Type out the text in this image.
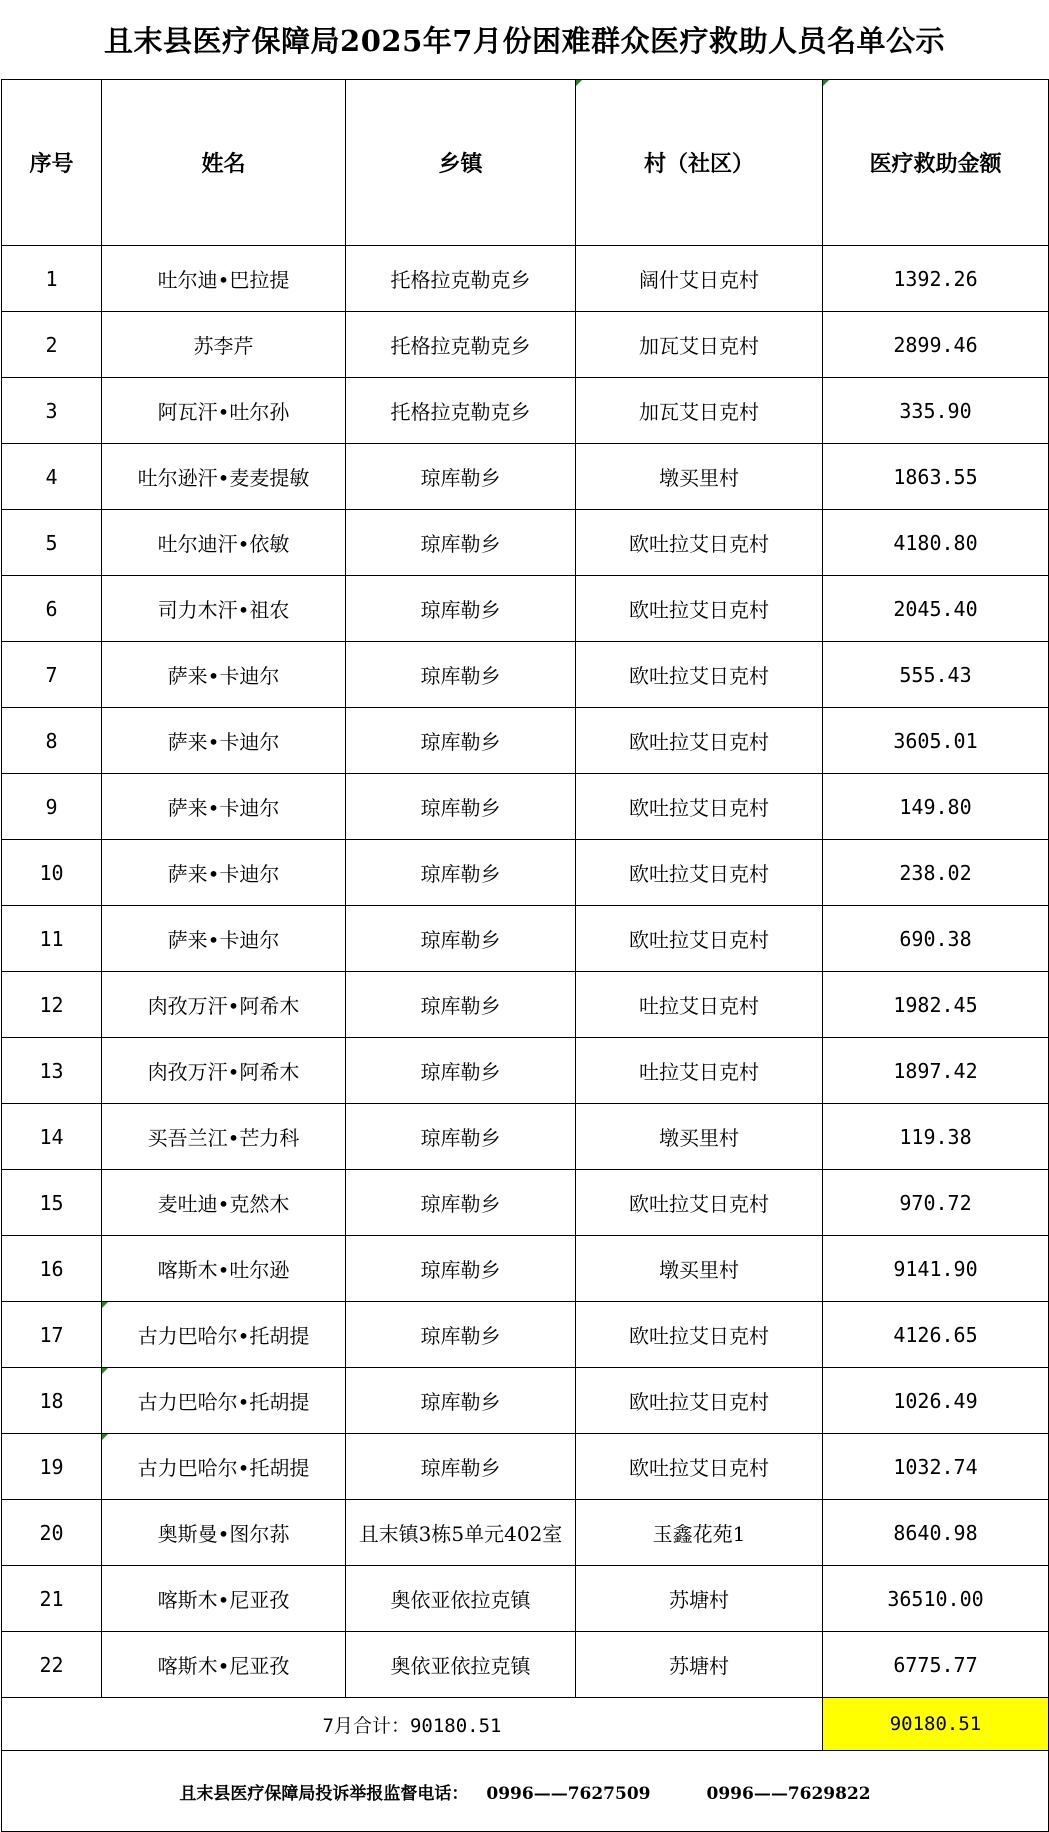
且末县医疗保障局2025年7月份困难群众医疗救助人员名单公示
序号	姓名	乡镇	村（社区）	医疗救助金额
1	吐尔迪•巴拉提	托格拉克勒克乡	阔什艾日克村	1392.26
2	苏李芹	托格拉克勒克乡	加瓦艾日克村	2899.46
3	阿瓦汗•吐尔孙	托格拉克勒克乡	加瓦艾日克村	335.90
4	吐尔逊汗•麦麦提敏	琼库勒乡	墩买里村	1863.55
5	吐尔迪汗•依敏	琼库勒乡	欧吐拉艾日克村	4180.80
6	司力木汗•祖农	琼库勒乡	欧吐拉艾日克村	2045.40
7	萨来•卡迪尔	琼库勒乡	欧吐拉艾日克村	555.43
8	萨来•卡迪尔	琼库勒乡	欧吐拉艾日克村	3605.01
9	萨来•卡迪尔	琼库勒乡	欧吐拉艾日克村	149.80
10	萨来•卡迪尔	琼库勒乡	欧吐拉艾日克村	238.02
11	萨来•卡迪尔	琼库勒乡	欧吐拉艾日克村	690.38
12	肉孜万汗•阿希木	琼库勒乡	吐拉艾日克村	1982.45
13	肉孜万汗•阿希木	琼库勒乡	吐拉艾日克村	1897.42
14	买吾兰江•芒力科	琼库勒乡	墩买里村	119.38
15	麦吐迪•克然木	琼库勒乡	欧吐拉艾日克村	970.72
16	喀斯木•吐尔逊	琼库勒乡	墩买里村	9141.90
17	古力巴哈尔•托胡提	琼库勒乡	欧吐拉艾日克村	4126.65
18	古力巴哈尔•托胡提	琼库勒乡	欧吐拉艾日克村	1026.49
19	古力巴哈尔•托胡提	琼库勒乡	欧吐拉艾日克村	1032.74
20	奥斯曼•图尔荪	且末镇3栋5单元402室	玉鑫花苑1	8640.98
21	喀斯木•尼亚孜	奥依亚依拉克镇	苏塘村	36510.00
22	喀斯木•尼亚孜	奥依亚依拉克镇	苏塘村	6775.77
7月合计：90180.51				90180.51
且末县医疗保障局投诉举报监督电话： 0996——7627509 0996——7629822				
